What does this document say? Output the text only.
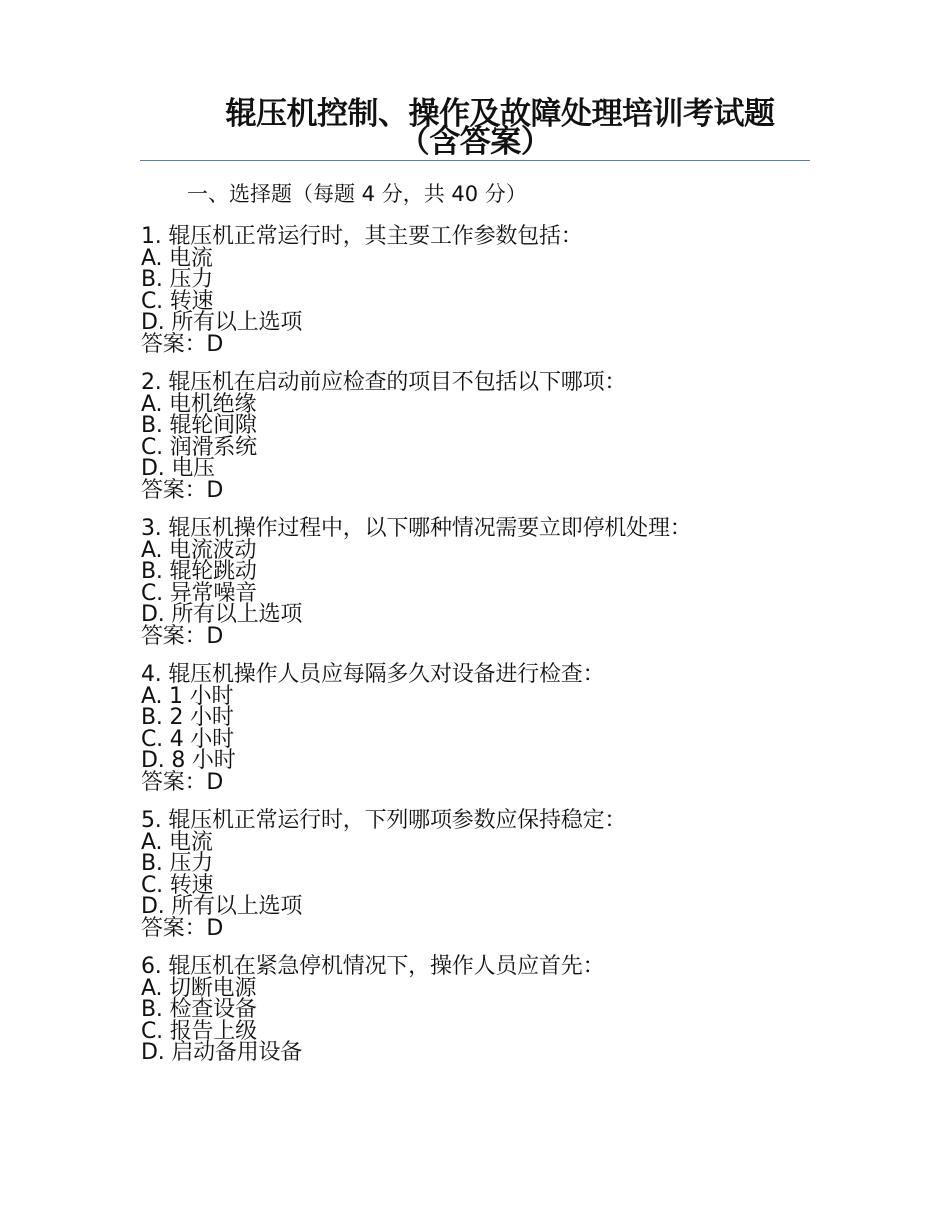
辊压机控制、操作及故障处理培训考试题
（含答案）
一、选择题（每题 4 分，共 40 分）
1. 辊压机正常运行时，其主要工作参数包括：
A. 电流
B. 压力
C. 转速
D. 所有以上选项
答案：D
2. 辊压机在启动前应检查的项目不包括以下哪项：
A. 电机绝缘
B. 辊轮间隙
C. 润滑系统
D. 电压
答案：D
3. 辊压机操作过程中，以下哪种情况需要立即停机处理：
A. 电流波动
B. 辊轮跳动
C. 异常噪音
D. 所有以上选项
答案：D
4. 辊压机操作人员应每隔多久对设备进行检查：
A. 1 小时
B. 2 小时
C. 4 小时
D. 8 小时
答案：D
5. 辊压机正常运行时，下列哪项参数应保持稳定：
A. 电流
B. 压力
C. 转速
D. 所有以上选项
答案：D
6. 辊压机在紧急停机情况下，操作人员应首先：
A. 切断电源
B. 检查设备
C. 报告上级
D. 启动备用设备
